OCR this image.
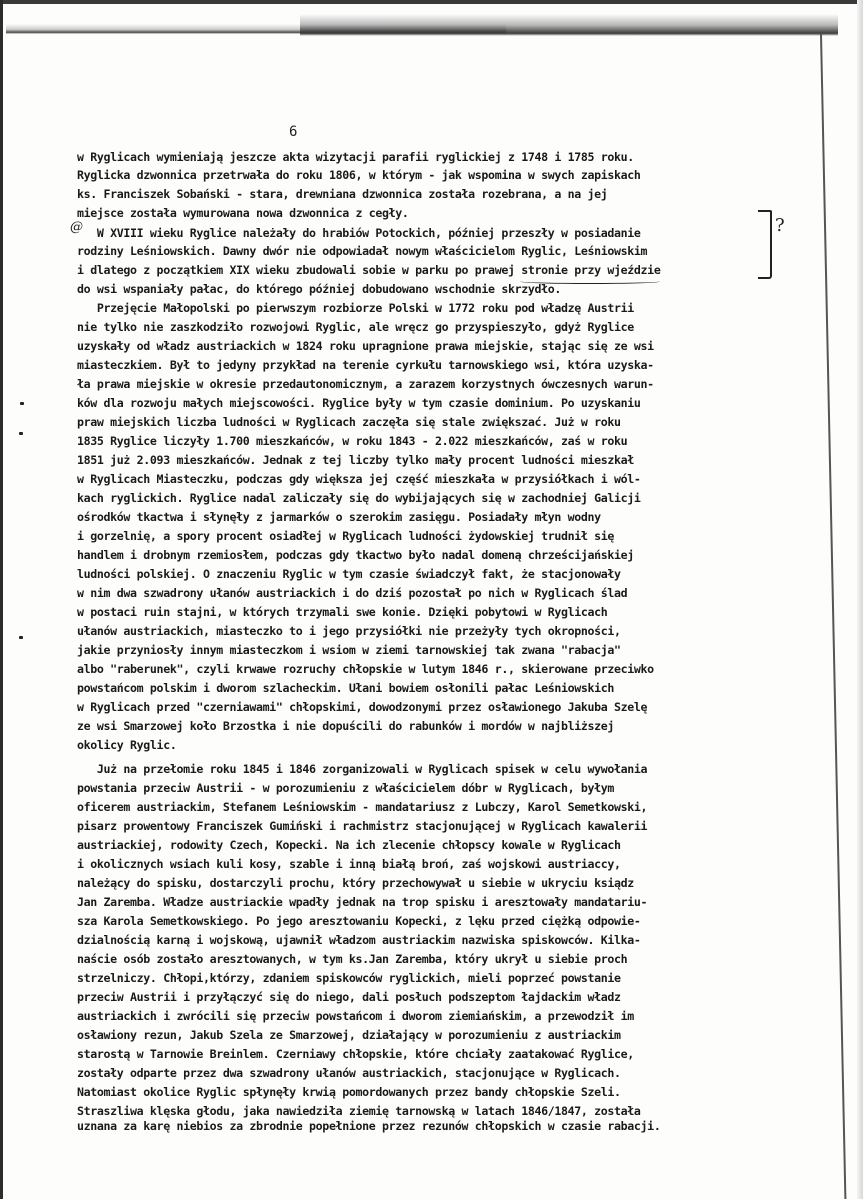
6
@	?
w Ryglicach wymieniają jeszcze akta wizytacji parafii ryglickiej z 1748 i 1785 roku.
Ryglicka dzwonnica przetrwała do roku 1806, w którym - jak wspomina w swych zapiskach
ks. Franciszek Sobański - stara, drewniana dzwonnica została rozebrana, a na jej
miejsce została wymurowana nowa dzwonnica z cegły.
W XVIII wieku Ryglice należały do hrabiów Potockich, później przeszły w posiadanie
rodziny Leśniowskich. Dawny dwór nie odpowiadał nowym właścicielom Ryglic, Leśniowskim
i dlatego z początkiem XIX wieku zbudowali sobie w parku po prawej stronie przy wjeździe
do wsi wspaniały pałac, do którego później dobudowano wschodnie skrzydło.
Przejęcie Małopolski po pierwszym rozbiorze Polski w 1772 roku pod władzę Austrii
nie tylko nie zaszkodziło rozwojowi Ryglic, ale wręcz go przyspieszyło, gdyż Ryglice
uzyskały od władz austriackich w 1824 roku upragnione prawa miejskie, stając się ze wsi
miasteczkiem. Był to jedyny przykład na terenie cyrkułu tarnowskiego wsi, która uzyska-
ła prawa miejskie w okresie przedautonomicznym, a zarazem korzystnych ówczesnych warun-
ków dla rozwoju małych miejscowości. Ryglice były w tym czasie dominium. Po uzyskaniu
praw miejskich liczba ludności w Ryglicach zaczęła się stale zwiększać. Już w roku
1835 Ryglice liczyły 1.700 mieszkańców, w roku 1843 - 2.022 mieszkańców, zaś w roku
1851 już 2.093 mieszkańców. Jednak z tej liczby tylko mały procent ludności mieszkał
w Ryglicach Miasteczku, podczas gdy większa jej część mieszkała w przysiółkach i wól-
kach ryglickich. Ryglice nadal zaliczały się do wybijających się w zachodniej Galicji
ośrodków tkactwa i słynęły z jarmarków o szerokim zasięgu. Posiadały młyn wodny
i gorzelnię, a spory procent osiadłej w Ryglicach ludności żydowskiej trudnił się
handlem i drobnym rzemiosłem, podczas gdy tkactwo było nadal domeną chrześcijańskiej
ludności polskiej. O znaczeniu Ryglic w tym czasie świadczył fakt, że stacjonowały
w nim dwa szwadrony ułanów austriackich i do dziś pozostał po nich w Ryglicach ślad
w postaci ruin stajni, w których trzymali swe konie. Dzięki pobytowi w Ryglicach
ułanów austriackich, miasteczko to i jego przysiółki nie przeżyły tych okropności,
jakie przyniosły innym miasteczkom i wsiom w ziemi tarnowskiej tak zwana "rabacja"
albo "raberunek", czyli krwawe rozruchy chłopskie w lutym 1846 r., skierowane przeciwko
powstańcom polskim i dworom szlacheckim. Ułani bowiem osłonili pałac Leśniowskich
w Ryglicach przed "czerniawami" chłopskimi, dowodzonymi przez osławionego Jakuba Szelę
ze wsi Smarzowej koło Brzostka i nie dopuścili do rabunków i mordów w najbliższej
okolicy Ryglic.
Już na przełomie roku 1845 i 1846 zorganizowali w Ryglicach spisek w celu wywołania
powstania przeciw Austrii - w porozumieniu z właścicielem dóbr w Ryglicach, byłym
oficerem austriackim, Stefanem Leśniowskim - mandatariusz z Lubczy, Karol Semetkowski,
pisarz prowentowy Franciszek Gumiński i rachmistrz stacjonującej w Ryglicach kawalerii
austriackiej, rodowity Czech, Kopecki. Na ich zlecenie chłopscy kowale w Ryglicach
i okolicznych wsiach kuli kosy, szable i inną białą broń, zaś wojskowi austriaccy,
należący do spisku, dostarczyli prochu, który przechowywał u siebie w ukryciu ksiądz
Jan Zaremba. Władze austriackie wpadły jednak na trop spisku i aresztowały mandatariu-
sza Karola Semetkowskiego. Po jego aresztowaniu Kopecki, z lęku przed ciężką odpowie-
dzialnością karną i wojskową, ujawnił władzom austriackim nazwiska spiskowców. Kilka-
naście osób zostało aresztowanych, w tym ks.Jan Zaremba, który ukrył u siebie proch
strzelniczy. Chłopi,którzy, zdaniem spiskowców ryglickich, mieli poprzeć powstanie
przeciw Austrii i przyłączyć się do niego, dali posłuch podszeptom łajdackim władz
austriackich i zwrócili się przeciw powstańcom i dworom ziemiańskim, a przewodził im
osławiony rezun, Jakub Szela ze Smarzowej, działający w porozumieniu z austriackim
starostą w Tarnowie Breinlem. Czerniawy chłopskie, które chciały zaatakować Ryglice,
zostały odparte przez dwa szwadrony ułanów austriackich, stacjonujące w Ryglicach.
Natomiast okolice Ryglic spłynęły krwią pomordowanych przez bandy chłopskie Szeli.
Straszliwa klęska głodu, jaka nawiedziła ziemię tarnowską w latach 1846/1847, została
uznana za karę niebios za zbrodnie popełnione przez rezunów chłopskich w czasie rabacji.
